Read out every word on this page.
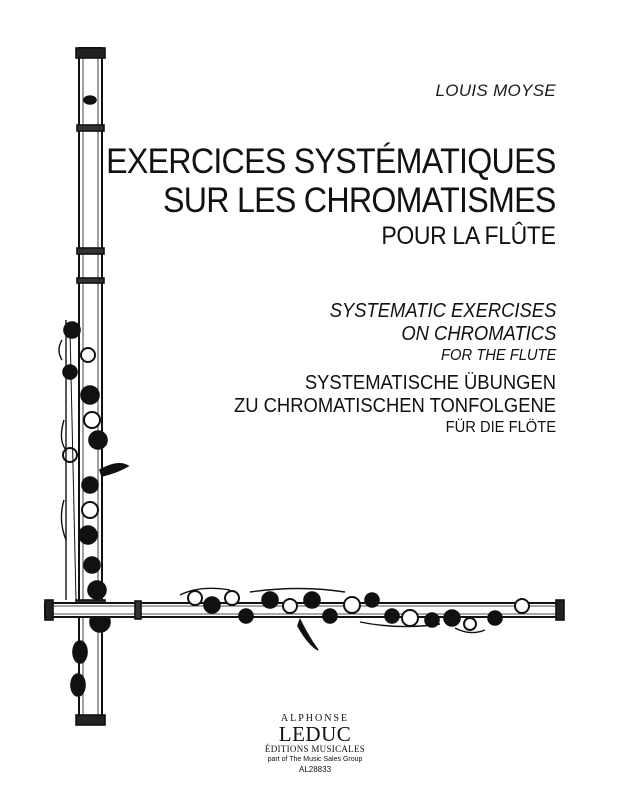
LOUIS MOYSE
EXERCICES SYSTÉMATIQUES
SUR LES CHROMATISMES
POUR LA FLÛTE
SYSTEMATIC EXERCISES
ON CHROMATICS
FOR THE FLUTE
SYSTEMATISCHE ÜBUNGEN
ZU CHROMATISCHEN TONFOLGENE
FÜR DIE FLÖTE
ALPHONSE
LEDUC
ÉDITIONS MUSICALES
part of The Music Sales Group
AL28833
